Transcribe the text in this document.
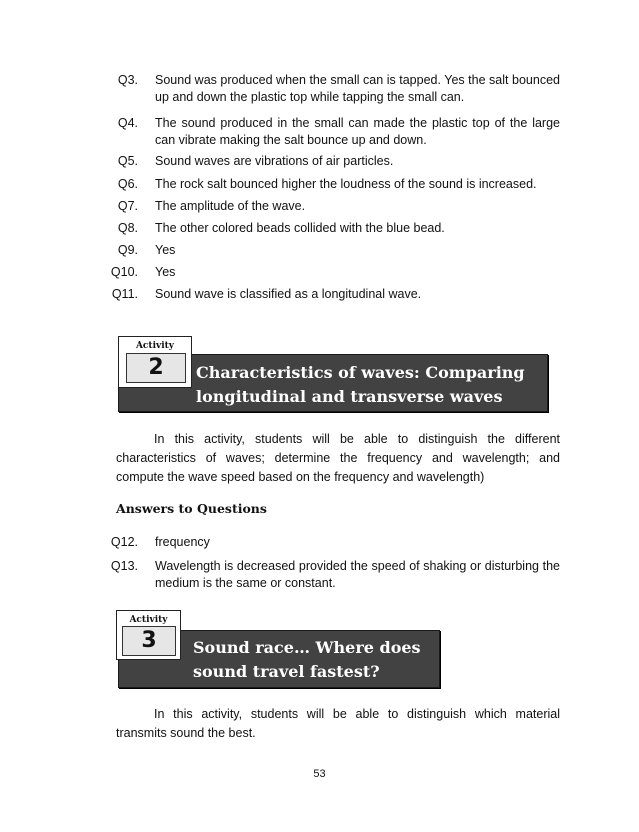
Q3. Sound was produced when the small can is tapped. Yes the salt bounced up and down the plastic top while tapping the small can.
Q4. The sound produced in the small can made the plastic top of the large can vibrate making the salt bounce up and down.
Q5. Sound waves are vibrations of air particles.
Q6. The rock salt bounced higher the loudness of the sound is increased.
Q7. The amplitude of the wave.
Q8. The other colored beads collided with the blue bead.
Q9. Yes
Q10. Yes
Q11. Sound wave is classified as a longitudinal wave.
Characteristics of waves: Comparing
longitudinal and transverse waves
Activity
2
In this activity, students will be able to distinguish the different characteristics of waves; determine the frequency and wavelength; and compute the wave speed based on the frequency and wavelength)
Answers to Questions
Q12. frequency
Q13. Wavelength is decreased provided the speed of shaking or disturbing the medium is the same or constant.
Sound race… Where does
sound travel fastest?
Activity
3
In this activity, students will be able to distinguish which material transmits sound the best.
53
